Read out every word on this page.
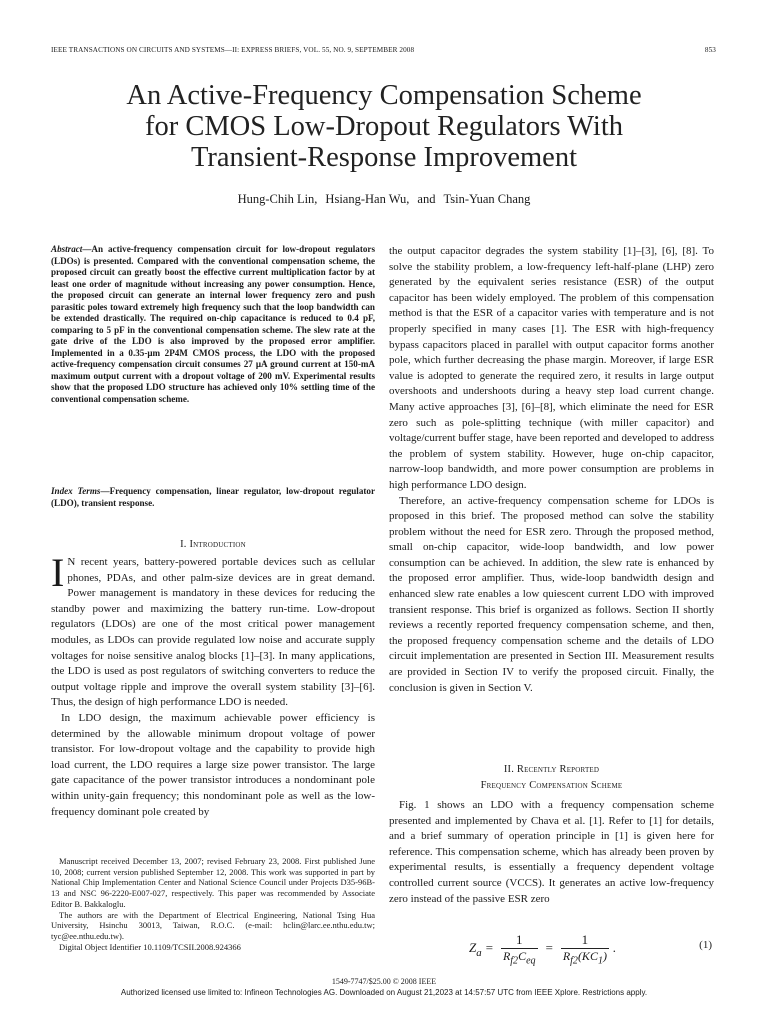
IEEE TRANSACTIONS ON CIRCUITS AND SYSTEMS—II: EXPRESS BRIEFS, VOL. 55, NO. 9, SEPTEMBER 2008	853
An Active-Frequency Compensation Scheme
for CMOS Low-Dropout Regulators With
Transient-Response Improvement
Hung-Chih Lin, Hsiang-Han Wu, and Tsin-Yuan Chang
Abstract—An active-frequency compensation circuit for low-dropout regulators (LDOs) is presented. Compared with the conventional compensation scheme, the proposed circuit can greatly boost the effective current multiplication factor by at least one order of magnitude without increasing any power consumption. Hence, the proposed circuit can generate an internal lower frequency zero and push parasitic poles toward extremely high frequency such that the loop bandwidth can be extended drastically. The required on-chip capacitance is reduced to 0.4 pF, comparing to 5 pF in the conventional compensation scheme. The slew rate at the gate drive of the LDO is also improved by the proposed error amplifier. Implemented in a 0.35-μm 2P4M CMOS process, the LDO with the proposed active-frequency compensation circuit consumes 27 μA ground current at 150-mA maximum output current with a dropout voltage of 200 mV. Experimental results show that the proposed LDO structure has achieved only 10% settling time of the conventional compensation scheme.
Index Terms—Frequency compensation, linear regulator, low-dropout regulator (LDO), transient response.
I. Introduction

I N recent years, battery-powered portable devices such as cellular phones, PDAs, and other palm-size devices are in great demand. Power management is mandatory in these devices for reducing the standby power and maximizing the battery run-time. Low-dropout regulators (LDOs) are one of the most critical power management modules, as LDOs can provide regulated low noise and accurate supply voltages for noise sensitive analog blocks [1]–[3]. In many applications, the LDO is used as post regulators of switching converters to reduce the output voltage ripple and improve the overall system stability [3]–[6]. Thus, the design of high performance LDO is needed.

In LDO design, the maximum achievable power efficiency is determined by the allowable minimum dropout voltage of power transistor. For low-dropout voltage and the capability to provide high load current, the LDO requires a large size power transistor. The large gate capacitance of the power transistor introduces a nondominant pole within unity-gain frequency; this nondominant pole as well as the low-frequency dominant pole created by

Manuscript received December 13, 2007; revised February 23, 2008. First published June 10, 2008; current version published September 12, 2008. This work was supported in part by National Chip Implementation Center and National Science Council under Projects D35-96B-13 and NSC 96-2220-E007-027, respectively. This paper was recommended by Associate Editor B. Bakkaloglu.

The authors are with the Department of Electrical Engineering, National Tsing Hua University, Hsinchu 30013, Taiwan, R.O.C. (e-mail: hclin@larc.ee.nthu.edu.tw; tyc@ee.nthu.edu.tw).

Digital Object Identifier 10.1109/TCSII.2008.924366

the output capacitor degrades the system stability [1]–[3], [6], [8]. To solve the stability problem, a low-frequency left-half-plane (LHP) zero generated by the equivalent series resistance (ESR) of the output capacitor has been widely employed. The problem of this compensation method is that the ESR of a capacitor varies with temperature and is not properly specified in many cases [1]. The ESR with high-frequency bypass capacitors placed in parallel with output capacitor forms another pole, which further decreasing the phase margin. Moreover, if large ESR value is adopted to generate the required zero, it results in large output overshoots and undershoots during a heavy step load current change. Many active approaches [3], [6]–[8], which eliminate the need for ESR zero such as pole-splitting technique (with miller capacitor) and voltage/current buffer stage, have been reported and developed to address the problem of system stability. However, huge on-chip capacitor, narrow-loop bandwidth, and more power consumption are problems in high performance LDO design.

Therefore, an active-frequency compensation scheme for LDOs is proposed in this brief. The proposed method can solve the stability problem without the need for ESR zero. Through the proposed method, small on-chip capacitor, wide-loop bandwidth, and low power consumption can be achieved. In addition, the slew rate is enhanced by the proposed error amplifier. Thus, wide-loop bandwidth design and enhanced slew rate enables a low quiescent current LDO with improved transient response. This brief is organized as follows. Section II shortly reviews a recently reported frequency compensation scheme, and then, the proposed frequency compensation scheme and the details of LDO circuit implementation are presented in Section III. Measurement results are provided in Section IV to verify the proposed circuit. Finally, the conclusion is given in Section V.

II. Recently Reported
Frequency Compensation Scheme

Fig. 1 shows an LDO with a frequency compensation scheme presented and implemented by Chava et al. [1]. Refer to [1] for details, and a brief summary of operation principle in [1] is given here for reference. This compensation scheme, which has already been proven by experimental results, is essentially a frequency dependent voltage controlled current source (VCCS). It generates an active low-frequency zero instead of the passive ESR zero

$Z_a = \frac{1}{R_{f2}C_{eq}} = \frac{1}{R_{f2}(KC_1)}$ .	(1)
1549-7747/$25.00 © 2008 IEEE
Authorized licensed use limited to: Infineon Technologies AG. Downloaded on August 21,2023 at 14:57:57 UTC from IEEE Xplore. Restrictions apply.
